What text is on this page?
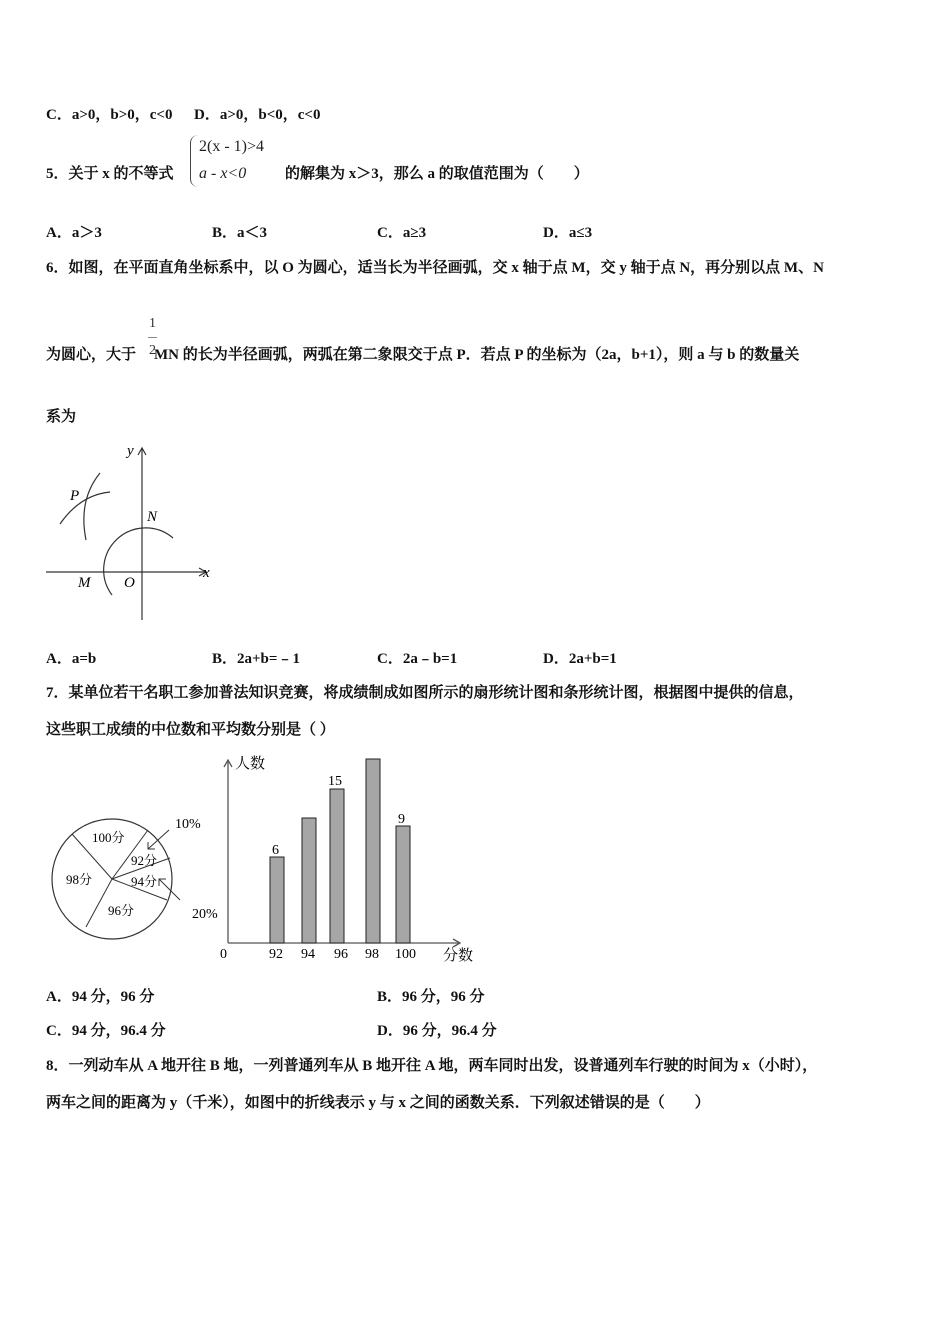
C．a>0，b>0，c<0 D．a>0，b<0，c<0
5．关于 x 的不等式
2(x - 1)>4
a - x<0	的解集为 x＞3，那么 a 的取值范围为（　　）
A．a＞3	B．a＜3	C．a≥3	D．a≤3
6．如图，在平面直角坐标系中，以 O 为圆心，适当长为半径画弧，交 x 轴于点 M，交 y 轴于点 N，再分别以点 M、N
为圆心，大于 MN 的长为半径画弧，两弧在第二象限交于点 P．若点 P 的坐标为（2a，b+1），则 a 与 b 的数量关
1
2
系为
y
x
P
N
M O
A．a=b	B．2a+b=﹣1	C．2a﹣b=1	D．2a+b=1
7．某单位若干名职工参加普法知识竞赛，将成绩制成如图所示的扇形统计图和条形统计图，根据图中提供的信息，
这些职工成绩的中位数和平均数分别是（ ）
100分
92分
94分
96分
98分
10%
20%
人数
分数
0
6
15
9
92 94 96 98 100
A．94 分，96 分	B．96 分，96 分
C．94 分，96.4 分	D．96 分，96.4 分
8．一列动车从 A 地开往 B 地，一列普通列车从 B 地开往 A 地，两车同时出发，设普通列车行驶的时间为 x（小时），
两车之间的距离为 y（千米），如图中的折线表示 y 与 x 之间的函数关系．下列叙述错误的是（　　）
